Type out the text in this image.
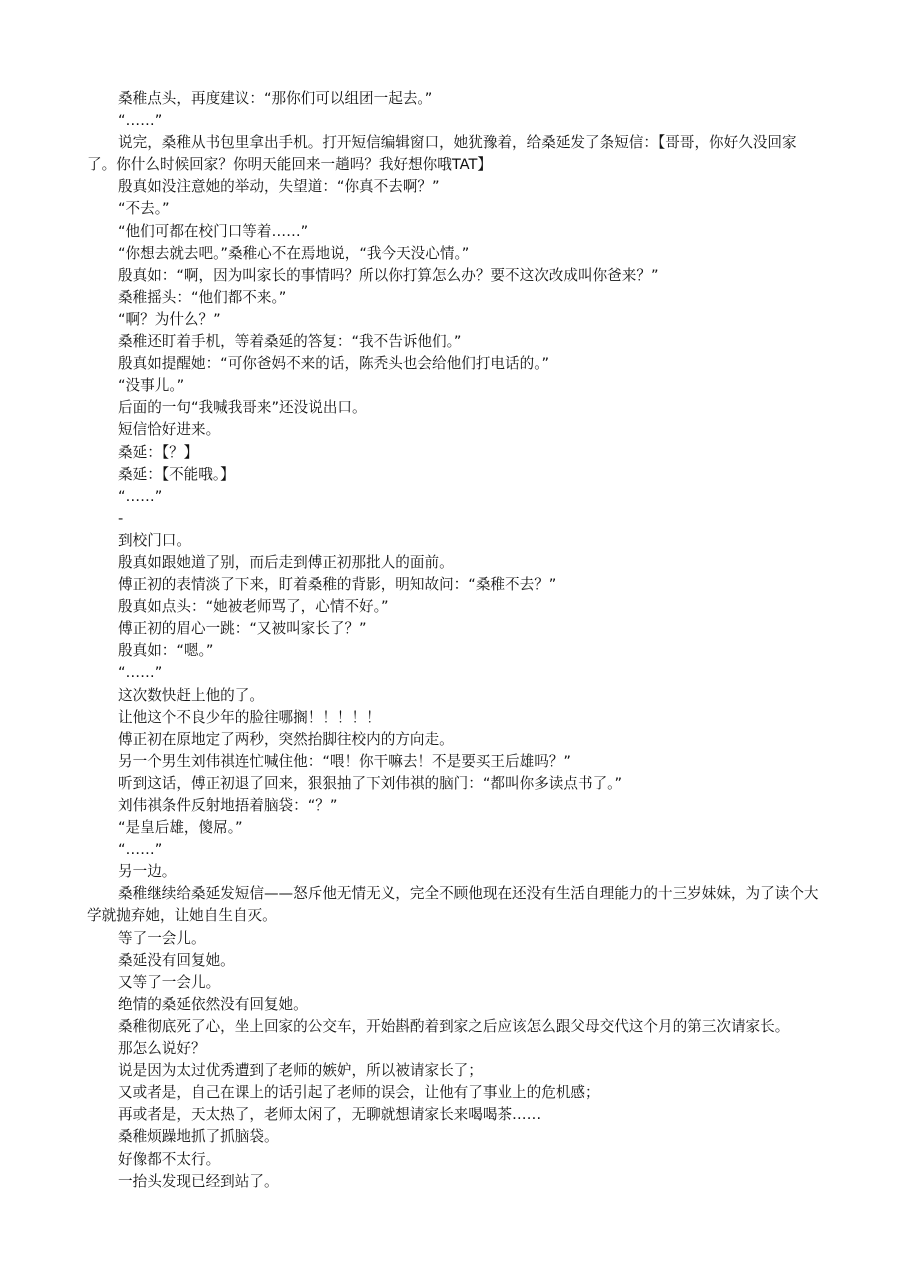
桑稚点头，再度建议：“那你们可以组团一起去。”

“……”

说完，桑稚从书包里拿出手机。打开短信编辑窗口，她犹豫着，给桑延发了条短信：【哥哥，你好久没回家了。你什么时候回家？你明天能回来一趟吗？我好想你哦TAT】

殷真如没注意她的举动，失望道：“你真不去啊？”

“不去。”

“他们可都在校门口等着……”

“你想去就去吧。”桑稚心不在焉地说，“我今天没心情。”

殷真如：“啊，因为叫家长的事情吗？所以你打算怎么办？要不这次改成叫你爸来？”

桑稚摇头：“他们都不来。”

“啊？为什么？”

桑稚还盯着手机，等着桑延的答复：“我不告诉他们。”

殷真如提醒她：“可你爸妈不来的话，陈秃头也会给他们打电话的。”

“没事儿。”

后面的一句“我喊我哥来”还没说出口。

短信恰好进来。

桑延：【？】

桑延：【不能哦。】

“……”

-

到校门口。

殷真如跟她道了别，而后走到傅正初那批人的面前。

傅正初的表情淡了下来，盯着桑稚的背影，明知故问：“桑稚不去？”

殷真如点头：“她被老师骂了，心情不好。”

傅正初的眉心一跳：“又被叫家长了？”

殷真如：“嗯。”

“……”

这次数快赶上他的了。

让他这个不良少年的脸往哪搁！！！！！

傅正初在原地定了两秒，突然抬脚往校内的方向走。

另一个男生刘伟祺连忙喊住他：“喂！你干嘛去！不是要买王后雄吗？”

听到这话，傅正初退了回来，狠狠抽了下刘伟祺的脑门：“都叫你多读点书了。”

刘伟祺条件反射地捂着脑袋：“？”

“是皇后雄，傻屌。”

“……”

另一边。

桑稚继续给桑延发短信——怒斥他无情无义，完全不顾他现在还没有生活自理能力的十三岁妹妹，为了读个大学就抛弃她，让她自生自灭。

等了一会儿。

桑延没有回复她。

又等了一会儿。

绝情的桑延依然没有回复她。

桑稚彻底死了心，坐上回家的公交车，开始斟酌着到家之后应该怎么跟父母交代这个月的第三次请家长。

那怎么说好？

说是因为太过优秀遭到了老师的嫉妒，所以被请家长了；

又或者是，自己在课上的话引起了老师的误会，让他有了事业上的危机感；

再或者是，天太热了，老师太闲了，无聊就想请家长来喝喝茶……

桑稚烦躁地抓了抓脑袋。

好像都不太行。

一抬头发现已经到站了。
